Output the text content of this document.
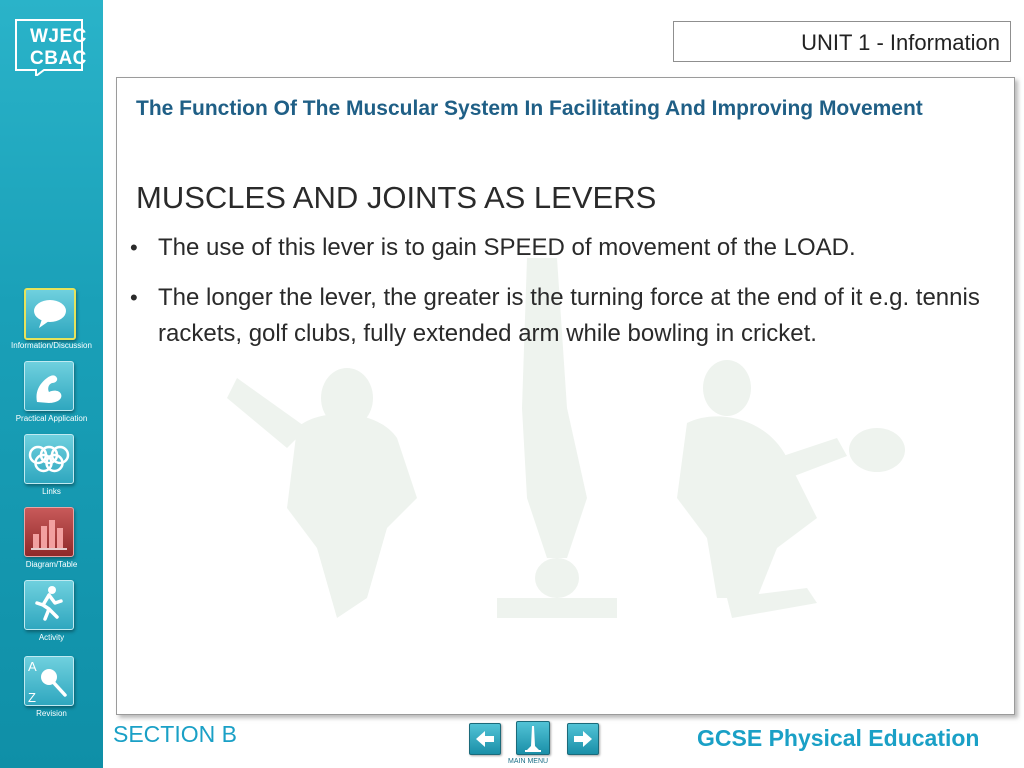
WJEC
CBAC
Information/Discussion
Practical Application
Links
Diagram/Table
Activity
A
Z
Revision
UNIT 1 - Information
The Function Of The Muscular System In Facilitating And Improving Movement
MUSCLES AND JOINTS AS LEVERS
• The use of this lever is to gain SPEED of movement of the LOAD.
• The longer the lever, the greater is the turning force at the end of it e.g. tennis rackets, golf clubs, fully extended arm while bowling in cricket.
SECTION B
MAIN MENU
GCSE Physical Education
